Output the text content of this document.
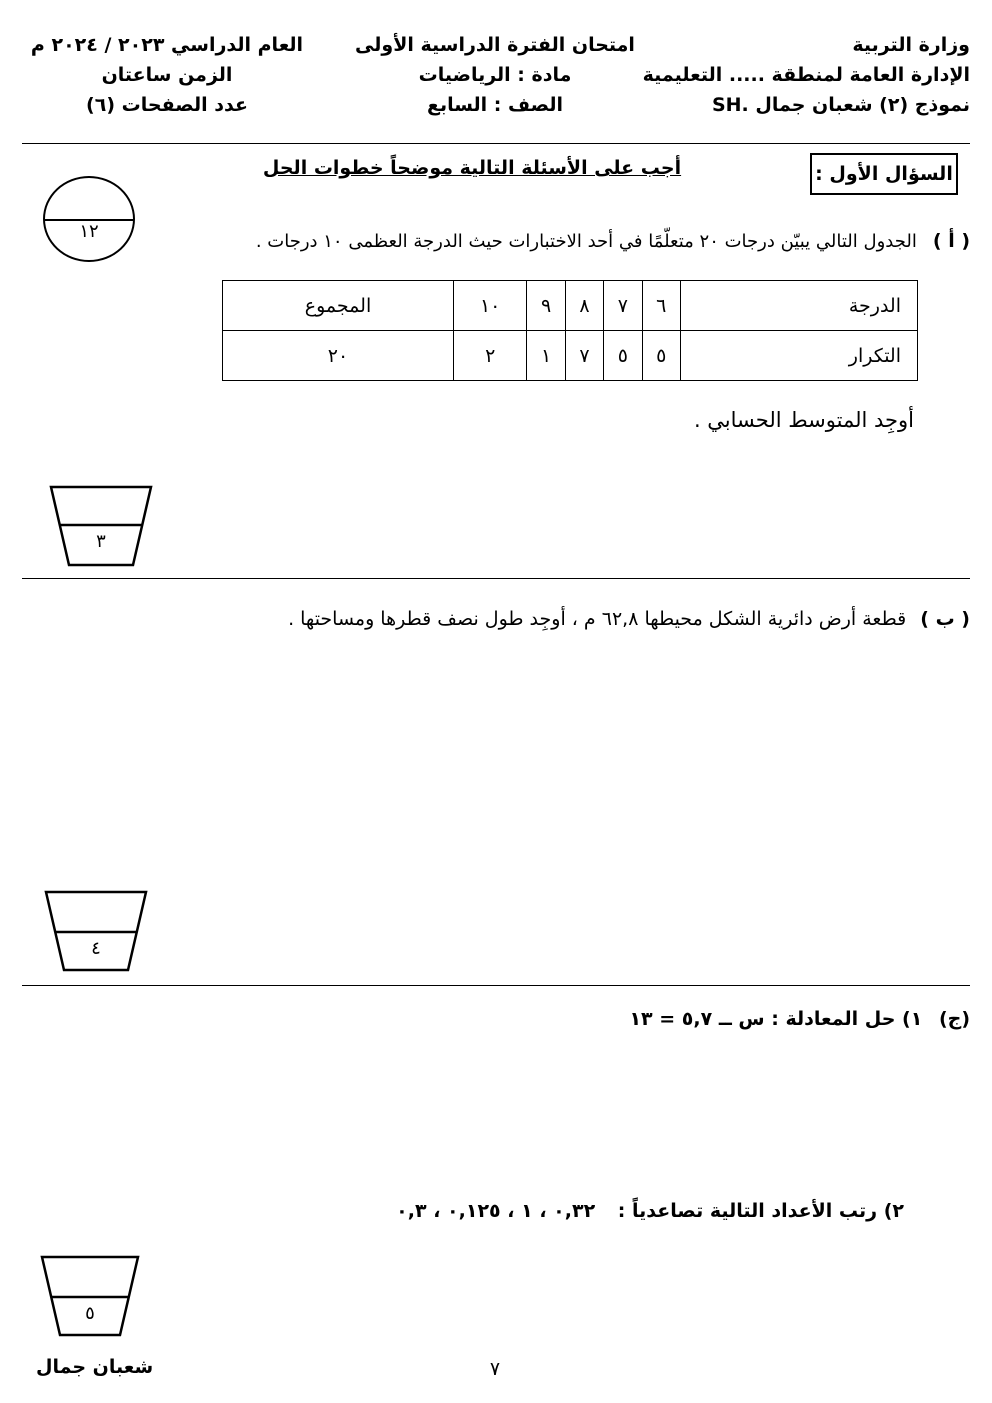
وزارة التربية
الإدارة العامة لمنطقة ..... التعليمية
نموذج (٢) شعبان جمال .SH
امتحان الفترة الدراسية الأولى
مادة : الرياضيات
الصف : السابع
العام الدراسي ٢٠٢٣ / ٢٠٢٤ م
الزمن ساعتان
عدد الصفحات (٦)
السؤال الأول :
أجب على الأسئلة التالية موضحاً خطوات الحل
١٢	( أ ) الجدول التالي يبيّن درجات ٢٠ متعلّمًا في أحد الاختبارات حيث الدرجة العظمى ١٠ درجات .
الدرجة	٦	٧	٨	٩	١٠	المجموع
التكرار	٥	٥	٧	١	٢	٢٠
أوجِد المتوسط الحسابي .
٣
( ب ) قطعة أرض دائرية الشكل محيطها ٦٢,٨ م ، أوجِد طول نصف قطرها ومساحتها .
٤
(ج) ١) حل المعادلة : س ــ ٥,٧ = ١٣
٢) رتب الأعداد التالية تصاعدياً : ٠,٣٢ ، ١ ، ٠,١٢٥ ، ٠,٣
٥
شعبان جمال	٧
